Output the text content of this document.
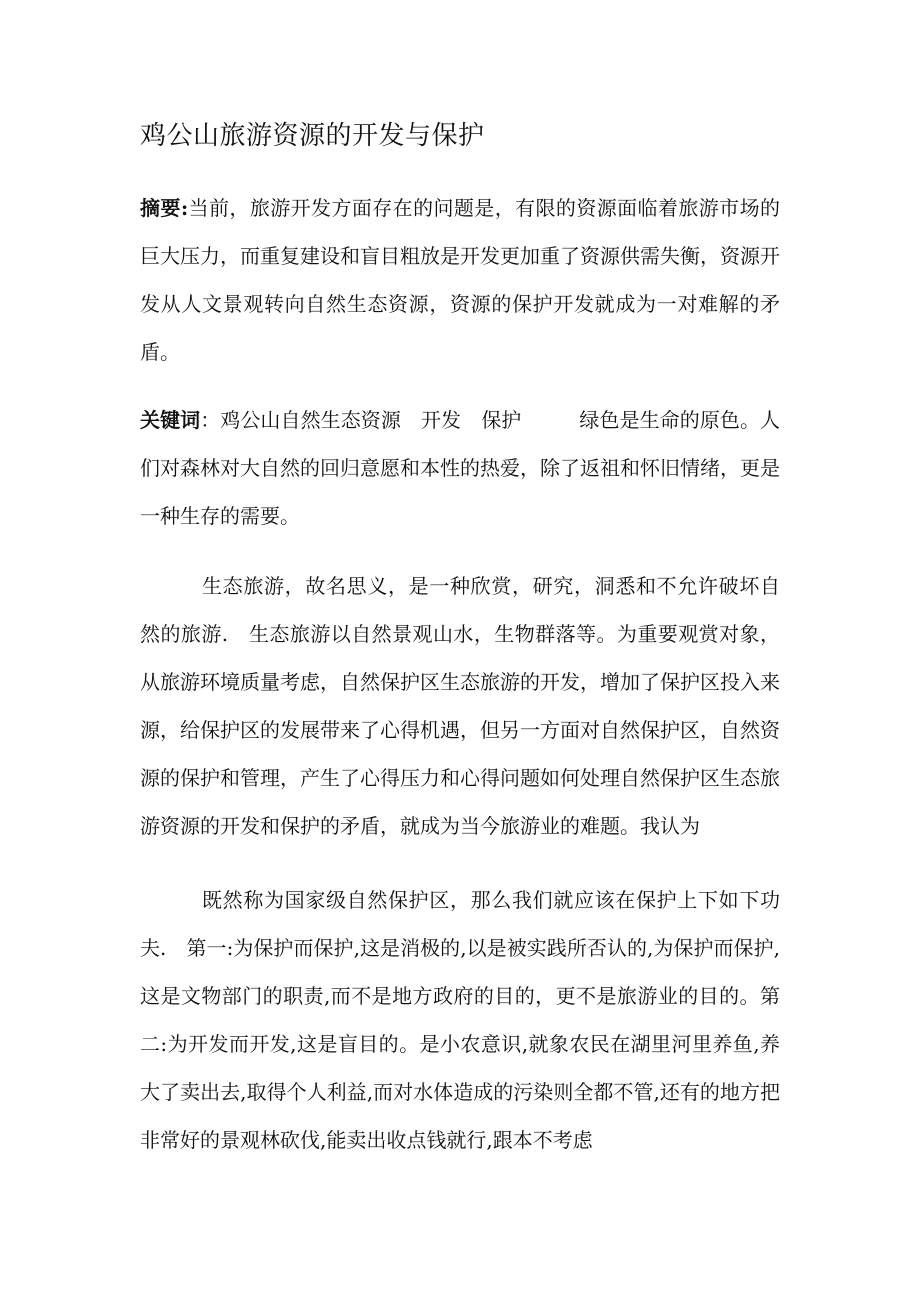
鸡公山旅游资源的开发与保护
摘要:当前，旅游开发方面存在的问题是，有限的资源面临着旅游市场的巨大压力，而重复建设和盲目粗放是开发更加重了资源供需失衡，资源开发从人文景观转向自然生态资源，资源的保护开发就成为一对难解的矛盾。
关键词：鸡公山自然生态资源 开发 保护	绿色是生命的原色。人们对森林对大自然的回归意愿和本性的热爱，除了返祖和怀旧情绪，更是一种生存的需要。
生态旅游，故名思义，是一种欣赏，研究，洞悉和不允许破坏自然的旅游.　生态旅游以自然景观山水，生物群落等。为重要观赏对象，从旅游环境质量考虑，自然保护区生态旅游的开发，增加了保护区投入来源，给保护区的发展带来了心得机遇，但另一方面对自然保护区，自然资源的保护和管理，产生了心得压力和心得问题如何处理自然保护区生态旅游资源的开发和保护的矛盾，就成为当今旅游业的难题。我认为
既然称为国家级自然保护区，那么我们就应该在保护上下如下功夫.　第一:为保护而保护,这是消极的,以是被实践所否认的,为保护而保护,这是文物部门的职责,而不是地方政府的目的，更不是旅游业的目的。第二:为开发而开发,这是盲目的。是小农意识,就象农民在湖里河里养鱼,养大了卖出去,取得个人利益,而对水体造成的污染则全都不管,还有的地方把非常好的景观林砍伐,能卖出收点钱就行,跟本不考虑
